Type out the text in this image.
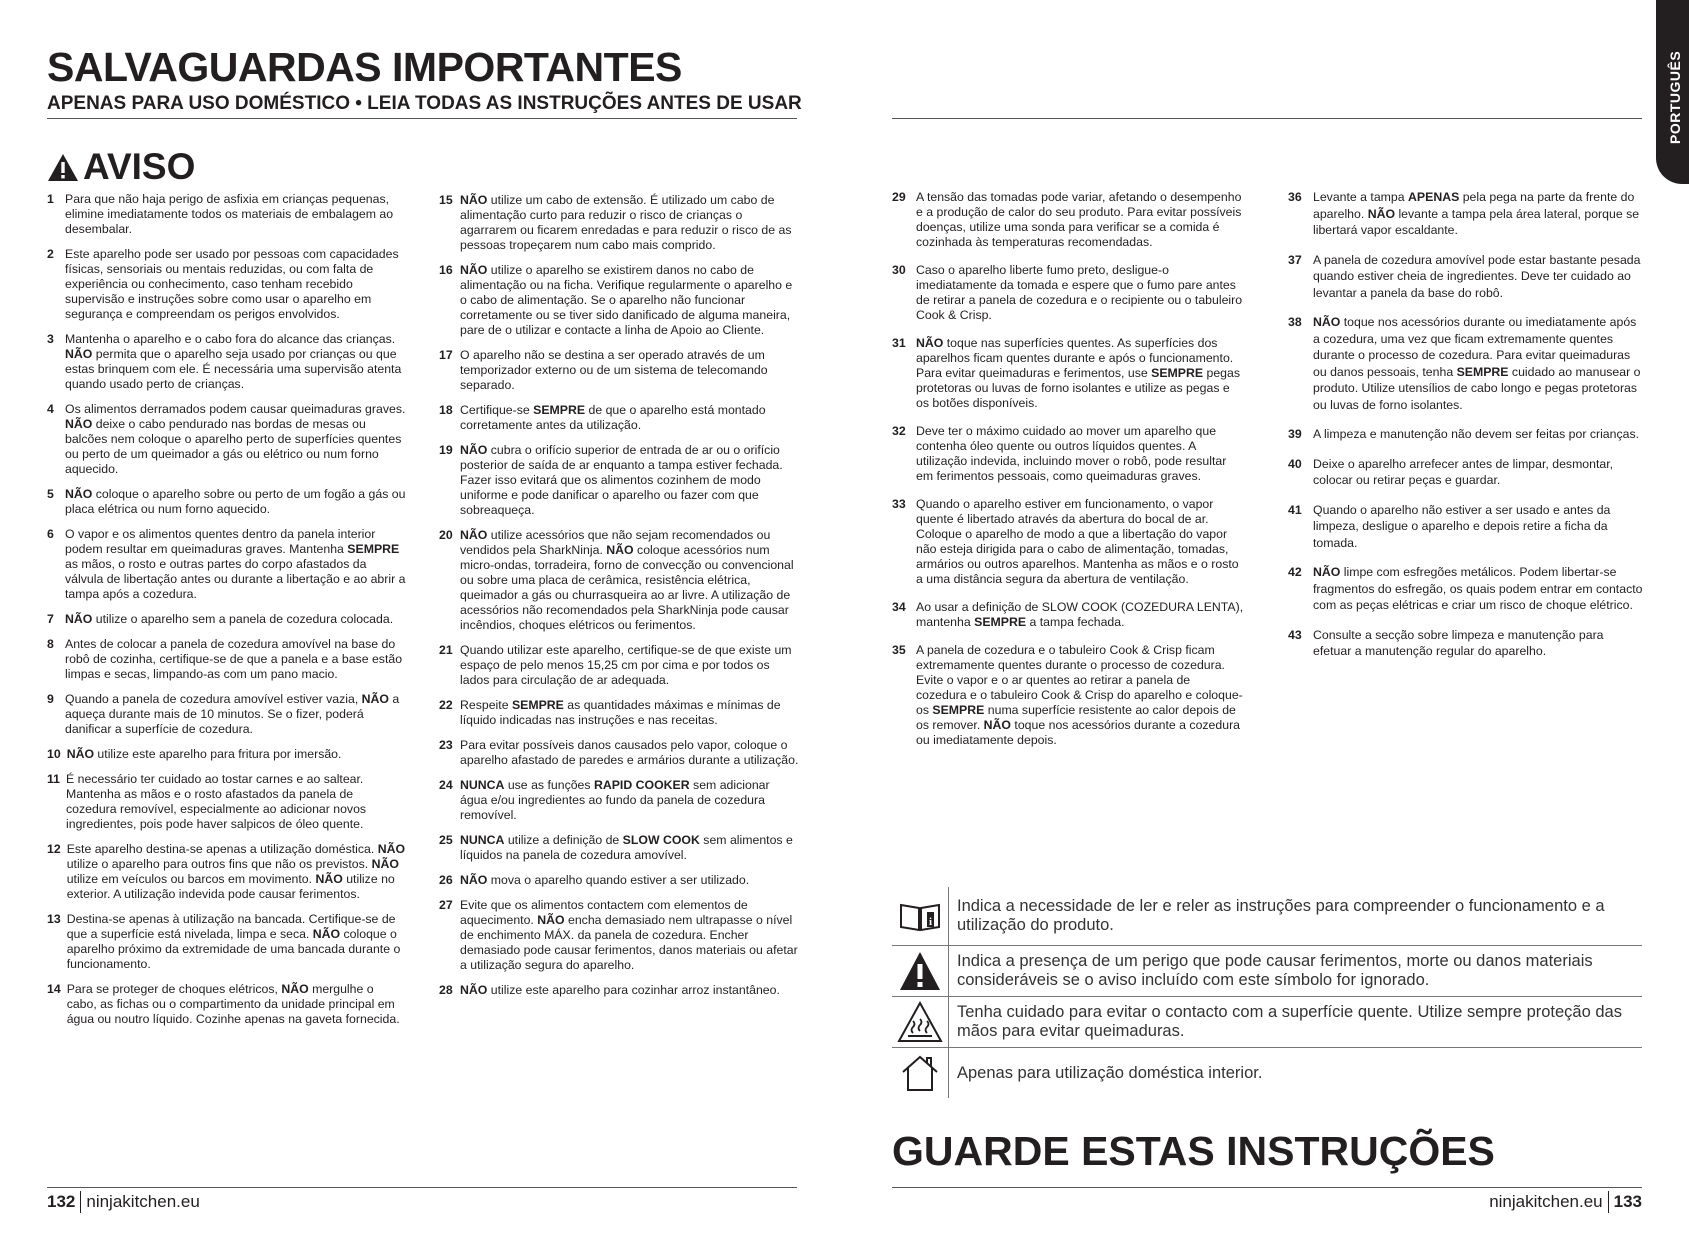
SALVAGUARDAS IMPORTANTES
APENAS PARA USO DOMÉSTICO • LEIA TODAS AS INSTRUÇÕES ANTES DE USAR
AVISO
1 Para que não haja perigo de asfixia em crianças pequenas, elimine imediatamente todos os materiais de embalagem ao desembalar.
2 Este aparelho pode ser usado por pessoas com capacidades físicas, sensoriais ou mentais reduzidas, ou com falta de experiência ou conhecimento, caso tenham recebido supervisão e instruções sobre como usar o aparelho em segurança e compreendam os perigos envolvidos.
3 Mantenha o aparelho e o cabo fora do alcance das crianças. NÃO permita que o aparelho seja usado por crianças ou que estas brinquem com ele. É necessária uma supervisão atenta quando usado perto de crianças.
4 Os alimentos derramados podem causar queimaduras graves. NÃO deixe o cabo pendurado nas bordas de mesas ou balcões nem coloque o aparelho perto de superfícies quentes ou perto de um queimador a gás ou elétrico ou num forno aquecido.
5 NÃO coloque o aparelho sobre ou perto de um fogão a gás ou placa elétrica ou num forno aquecido.
6 O vapor e os alimentos quentes dentro da panela interior podem resultar em queimaduras graves. Mantenha SEMPRE as mãos, o rosto e outras partes do corpo afastados da válvula de libertação antes ou durante a libertação e ao abrir a tampa após a cozedura.
7 NÃO utilize o aparelho sem a panela de cozedura colocada.
8 Antes de colocar a panela de cozedura amovível na base do robô de cozinha, certifique-se de que a panela e a base estão limpas e secas, limpando-as com um pano macio.
9 Quando a panela de cozedura amovível estiver vazia, NÃO a aqueça durante mais de 10 minutos. Se o fizer, poderá danificar a superfície de cozedura.
10 NÃO utilize este aparelho para fritura por imersão.
11 É necessário ter cuidado ao tostar carnes e ao saltear. Mantenha as mãos e o rosto afastados da panela de cozedura removível, especialmente ao adicionar novos ingredientes, pois pode haver salpicos de óleo quente.
12 Este aparelho destina-se apenas a utilização doméstica. NÃO utilize o aparelho para outros fins que não os previstos. NÃO utilize em veículos ou barcos em movimento. NÃO utilize no exterior. A utilização indevida pode causar ferimentos.
13 Destina-se apenas à utilização na bancada. Certifique-se de que a superfície está nivelada, limpa e seca. NÃO coloque o aparelho próximo da extremidade de uma bancada durante o funcionamento.
14 Para se proteger de choques elétricos, NÃO mergulhe o cabo, as fichas ou o compartimento da unidade principal em água ou noutro líquido. Cozinhe apenas na gaveta fornecida.
15 NÃO utilize um cabo de extensão. É utilizado um cabo de alimentação curto para reduzir o risco de crianças o agarrarem ou ficarem enredadas e para reduzir o risco de as pessoas tropeçarem num cabo mais comprido.
16 NÃO utilize o aparelho se existirem danos no cabo de alimentação ou na ficha. Verifique regularmente o aparelho e o cabo de alimentação. Se o aparelho não funcionar corretamente ou se tiver sido danificado de alguma maneira, pare de o utilizar e contacte a linha de Apoio ao Cliente.
17 O aparelho não se destina a ser operado através de um temporizador externo ou de um sistema de telecomando separado.
18 Certifique-se SEMPRE de que o aparelho está montado corretamente antes da utilização.
19 NÃO cubra o orifício superior de entrada de ar ou o orifício posterior de saída de ar enquanto a tampa estiver fechada. Fazer isso evitará que os alimentos cozinhem de modo uniforme e pode danificar o aparelho ou fazer com que sobreaqueça.
20 NÃO utilize acessórios que não sejam recomendados ou vendidos pela SharkNinja. NÃO coloque acessórios num micro-ondas, torradeira, forno de convecção ou convencional ou sobre uma placa de cerâmica, resistência elétrica, queimador a gás ou churrasqueira ao ar livre. A utilização de acessórios não recomendados pela SharkNinja pode causar incêndios, choques elétricos ou ferimentos.
21 Quando utilizar este aparelho, certifique-se de que existe um espaço de pelo menos 15,25 cm por cima e por todos os lados para circulação de ar adequada.
22 Respeite SEMPRE as quantidades máximas e mínimas de líquido indicadas nas instruções e nas receitas.
23 Para evitar possíveis danos causados pelo vapor, coloque o aparelho afastado de paredes e armários durante a utilização.
24 NUNCA use as funções RAPID COOKER sem adicionar água e/ou ingredientes ao fundo da panela de cozedura removível.
25 NUNCA utilize a definição de SLOW COOK sem alimentos e líquidos na panela de cozedura amovível.
26 NÃO mova o aparelho quando estiver a ser utilizado.
27 Evite que os alimentos contactem com elementos de aquecimento. NÃO encha demasiado nem ultrapasse o nível de enchimento MÁX. da panela de cozedura. Encher demasiado pode causar ferimentos, danos materiais ou afetar a utilização segura do aparelho.
28 NÃO utilize este aparelho para cozinhar arroz instantâneo.
29 A tensão das tomadas pode variar, afetando o desempenho e a produção de calor do seu produto. Para evitar possíveis doenças, utilize uma sonda para verificar se a comida é cozinhada às temperaturas recomendadas.
30 Caso o aparelho liberte fumo preto, desligue-o imediatamente da tomada e espere que o fumo pare antes de retirar a panela de cozedura e o recipiente ou o tabuleiro Cook & Crisp.
31 NÃO toque nas superfícies quentes. As superfícies dos aparelhos ficam quentes durante e após o funcionamento. Para evitar queimaduras e ferimentos, use SEMPRE pegas protetoras ou luvas de forno isolantes e utilize as pegas e os botões disponíveis.
32 Deve ter o máximo cuidado ao mover um aparelho que contenha óleo quente ou outros líquidos quentes. A utilização indevida, incluindo mover o robô, pode resultar em ferimentos pessoais, como queimaduras graves.
33 Quando o aparelho estiver em funcionamento, o vapor quente é libertado através da abertura do bocal de ar. Coloque o aparelho de modo a que a libertação do vapor não esteja dirigida para o cabo de alimentação, tomadas, armários ou outros aparelhos. Mantenha as mãos e o rosto a uma distância segura da abertura de ventilação.
34 Ao usar a definição de SLOW COOK (COZEDURA LENTA), mantenha SEMPRE a tampa fechada.
35 A panela de cozedura e o tabuleiro Cook & Crisp ficam extremamente quentes durante o processo de cozedura. Evite o vapor e o ar quentes ao retirar a panela de cozedura e o tabuleiro Cook & Crisp do aparelho e coloque-os SEMPRE numa superfície resistente ao calor depois de os remover. NÃO toque nos acessórios durante a cozedura ou imediatamente depois.
36 Levante a tampa APENAS pela pega na parte da frente do aparelho. NÃO levante a tampa pela área lateral, porque se libertará vapor escaldante.
37 A panela de cozedura amovível pode estar bastante pesada quando estiver cheia de ingredientes. Deve ter cuidado ao levantar a panela da base do robô.
38 NÃO toque nos acessórios durante ou imediatamente após a cozedura, uma vez que ficam extremamente quentes durante o processo de cozedura. Para evitar queimaduras ou danos pessoais, tenha SEMPRE cuidado ao manusear o produto. Utilize utensílios de cabo longo e pegas protetoras ou luvas de forno isolantes.
39 A limpeza e manutenção não devem ser feitas por crianças.
40 Deixe o aparelho arrefecer antes de limpar, desmontar, colocar ou retirar peças e guardar.
41 Quando o aparelho não estiver a ser usado e antes da limpeza, desligue o aparelho e depois retire a ficha da tomada.
42 NÃO limpe com esfregões metálicos. Podem libertar-se fragmentos do esfregão, os quais podem entrar em contacto com as peças elétricas e criar um risco de choque elétrico.
43 Consulte a secção sobre limpeza e manutenção para efetuar a manutenção regular do aparelho.
132 ninjakitchen.eu
PORTUGUÊS
i
Indica a necessidade de ler e reler as instruções para compreender o funcionamento e a utilização do produto.
Indica a presença de um perigo que pode causar ferimentos, morte ou danos materiais consideráveis se o aviso incluído com este símbolo for ignorado.
Tenha cuidado para evitar o contacto com a superfície quente. Utilize sempre proteção das mãos para evitar queimaduras.
Apenas para utilização doméstica interior.
GUARDE ESTAS INSTRUÇÕES
ninjakitchen.eu 133
